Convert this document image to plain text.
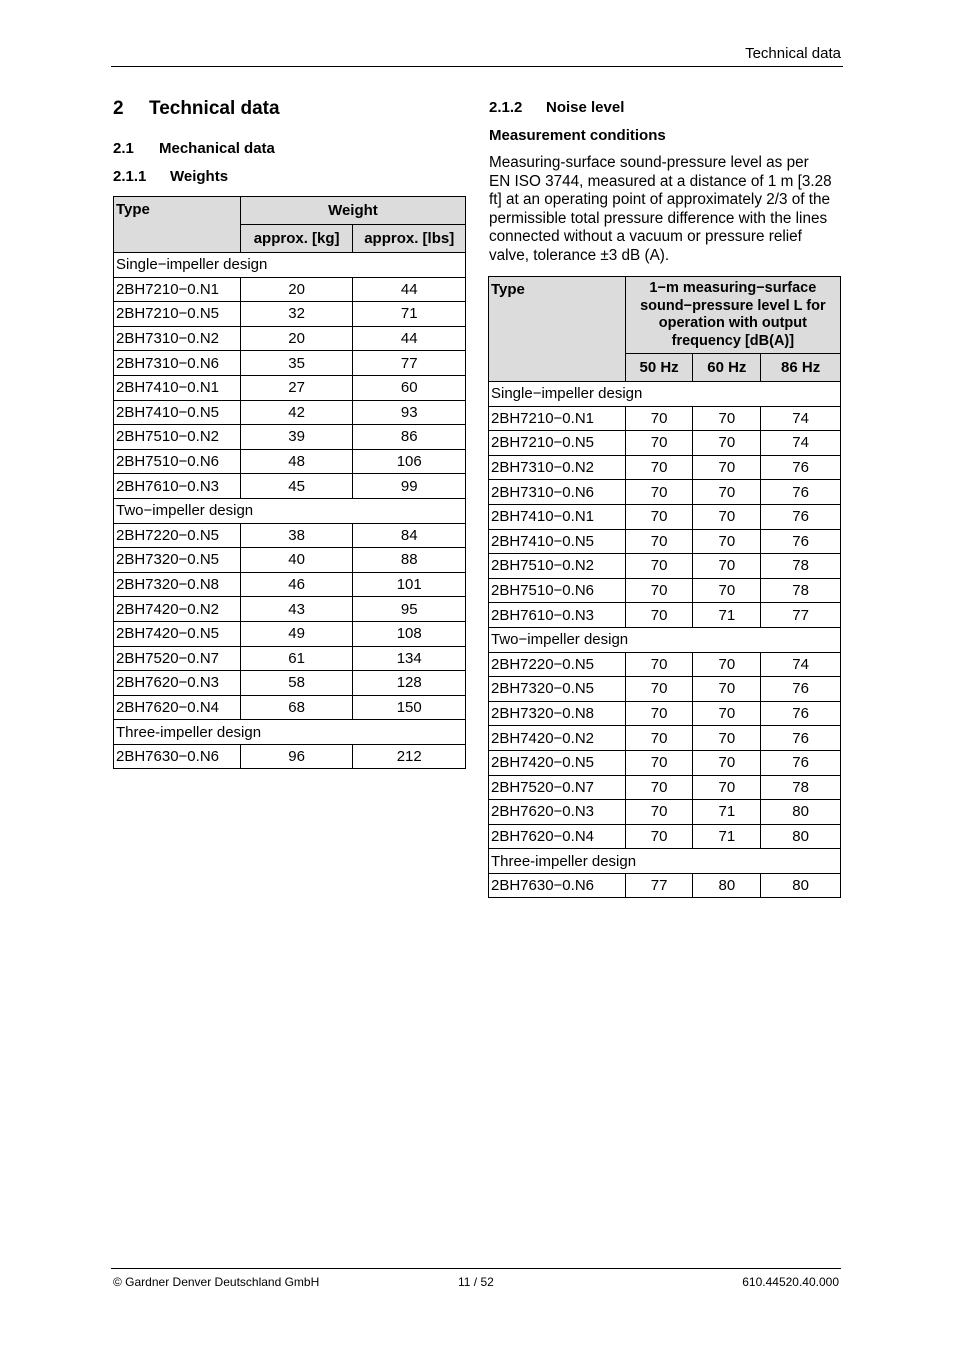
Technical data
2 Technical data
2.1 Mechanical data
2.1.1 Weights
2.1.2 Noise level
Measurement conditions
Measuring-surface sound-pressure level as per EN ISO 3744, measured at a distance of 1 m [3.28 ft] at an operating point of approximately 2/3 of the permissible total pressure difference with the lines connected without a vacuum or pressure relief valve, tolerance ±3 dB (A).
Type	Weight	
	approx. [kg]	approx. [lbs]
Single−impeller design		
2BH7210−0.N1	20	44
2BH7210−0.N5	32	71
2BH7310−0.N2	20	44
2BH7310−0.N6	35	77
2BH7410−0.N1	27	60
2BH7410−0.N5	42	93
2BH7510−0.N2	39	86
2BH7510−0.N6	48	106
2BH7610−0.N3	45	99
Two−impeller design		
2BH7220−0.N5	38	84
2BH7320−0.N5	40	88
2BH7320−0.N8	46	101
2BH7420−0.N2	43	95
2BH7420−0.N5	49	108
2BH7520−0.N7	61	134
2BH7620−0.N3	58	128
2BH7620−0.N4	68	150
Three-impeller design		
2BH7630−0.N6	96	212
Type	1−m measuring−surface sound−pressure level L for operation with output frequency [dB(A)]		
	50 Hz	60 Hz	86 Hz
Single−impeller design			
2BH7210−0.N1	70	70	74
2BH7210−0.N5	70	70	74
2BH7310−0.N2	70	70	76
2BH7310−0.N6	70	70	76
2BH7410−0.N1	70	70	76
2BH7410−0.N5	70	70	76
2BH7510−0.N2	70	70	78
2BH7510−0.N6	70	70	78
2BH7610−0.N3	70	71	77
Two−impeller design			
2BH7220−0.N5	70	70	74
2BH7320−0.N5	70	70	76
2BH7320−0.N8	70	70	76
2BH7420−0.N2	70	70	76
2BH7420−0.N5	70	70	76
2BH7520−0.N7	70	70	78
2BH7620−0.N3	70	71	80
2BH7620−0.N4	70	71	80
Three-impeller design			
2BH7630−0.N6	77	80	80
© Gardner Denver Deutschland GmbH	11 / 52	610.44520.40.000
